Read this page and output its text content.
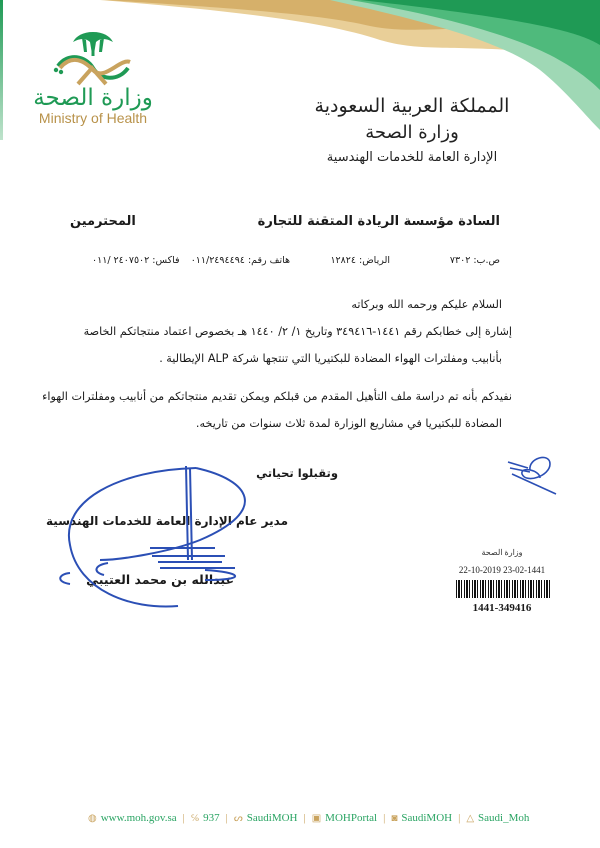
وزارة الصحة
Ministry of Health
المملكة العربية السعودية
وزارة الصحة
الإدارة العامة للخدمات الهندسية
السادة مؤسسة الريادة المتقنة للتجارة
المحترمين
ص.ب: ٧٣٠٢
الرياض: ١٢٨٢٤
هاتف رقم: ٠١١/٢٤٩٤٤٩٤
فاكس: ٢٤٠٧٥٠٢ /٠١١
السلام عليكم ورحمه الله وبركاته
إشارة إلى خطابكم رقم ١٤٤١-٣٤٩٤١٦ وتاريخ ١/ ٢/ ١٤٤٠ هـ بخصوص اعتماد منتجاتكم الخاصة
بأنابيب ومفلترات الهواء المضادة للبكتيريا التي تنتجها شركة ALP الإيطالية .
نفيدكم بأنه تم دراسة ملف التأهيل المقدم من قبلكم ويمكن تقديم منتجاتكم من أنابيب ومفلترات الهواء
المضادة للبكتيريا في مشاريع الوزارة لمدة ثلاث سنوات من تاريخه.
وتقبلوا تحياتي
مدير عام الإدارة العامة للخدمات الهندسية
عبدالله بن محمد العتيبي
وزارة الصحة
22-10-2019 23-02-1441
1441-349416
◍ www.moh.gov.sa | ℅ 937 | ᔕ SaudiMOH | ▣ MOHPortal | ◙ SaudiMOH | △ Saudi_Moh
